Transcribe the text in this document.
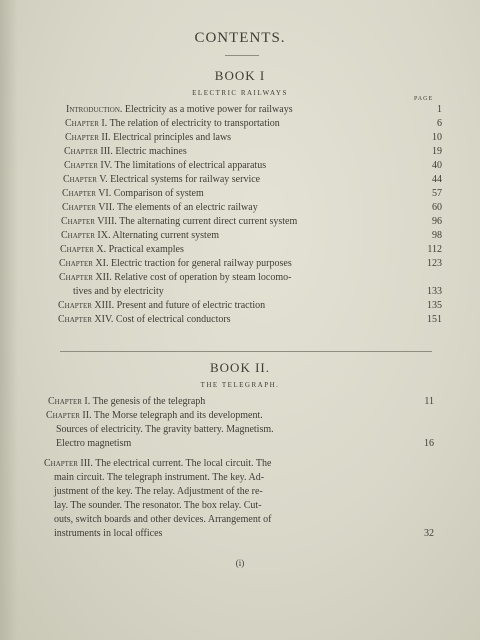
CONTENTS.
BOOK I
ELECTRIC RAILWAYS
PAGE
Introduction. Electricity as a motive power for railways	1
Chapter I. The relation of electricity to transportation	6
Chapter II. Electrical principles and laws	10
Chapter III. Electric machines	19
Chapter IV. The limitations of electrical apparatus	40
Chapter V. Electrical systems for railway service	44
Chapter VI. Comparison of system	57
Chapter VII. The elements of an electric railway	60
Chapter VIII. The alternating current direct current system	96
Chapter IX. Alternating current system	98
Chapter X. Practical examples	112
Chapter XI. Electric traction for general railway purposes	123
Chapter XII. Relative cost of operation by steam locomo-
tives and by electricity	133
Chapter XIII. Present and future of electric traction	135
Chapter XIV. Cost of electrical conductors	151
BOOK II.
THE TELEGRAPH.
Chapter I. The genesis of the telegraph	11
Chapter II. The Morse telegraph and its development.
Sources of electricity. The gravity battery. Magnetism.
Electro magnetism	16
Chapter III. The electrical current. The local circuit. The
main circuit. The telegraph instrument. The key. Ad-
justment of the key. The relay. Adjustment of the re-
lay. The sounder. The resonator. The box relay. Cut-
outs, switch boards and other devices. Arrangement of
instruments in local offices	32
(i)
